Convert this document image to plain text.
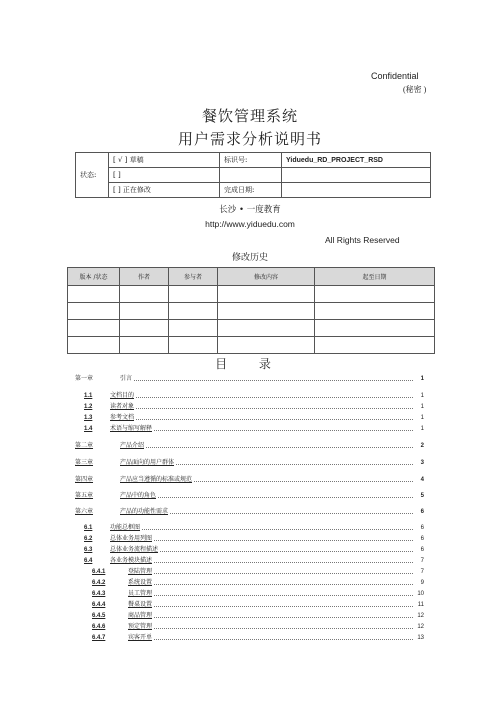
Confidential
(秘密 )
餐饮管理系统
用户需求分析说明书
状态:	[ √ ] 草稿	标识号:	Yiduedu_RD_PROJECT_RSD
	[ ]		
	[ ] 正在修改	完成日期:	
长沙 • 一度教育
http://www.yiduedu.com
All Rights Reserved
修改历史
版本 /状态	作者	参与者	修改内容	起至日期

目 录
第一章	引言	1
1.1	文档目的	1
1.2	读者对象	1
1.3	参考文档	1
1.4	术语与缩写解释	1
第二章	产品介绍	2
第三章	产品面向的用户群体	3
第四章	产品应当遵循的标准或规范	4
第五章	产品中的角色	5
第六章	产品的功能性需求	6
6.1	功能总框图	6
6.2	总体业务用列图	6
6.3	总体业务流程描述	6
6.4	各业务模块描述	7
6.4.1	登陆管理	7
6.4.2	系统设置	9
6.4.3	员工管理	10
6.4.4	餐桌设置	11
6.4.5	商品管理	12
6.4.6	预定管理	12
6.4.7	宾客开单	13
